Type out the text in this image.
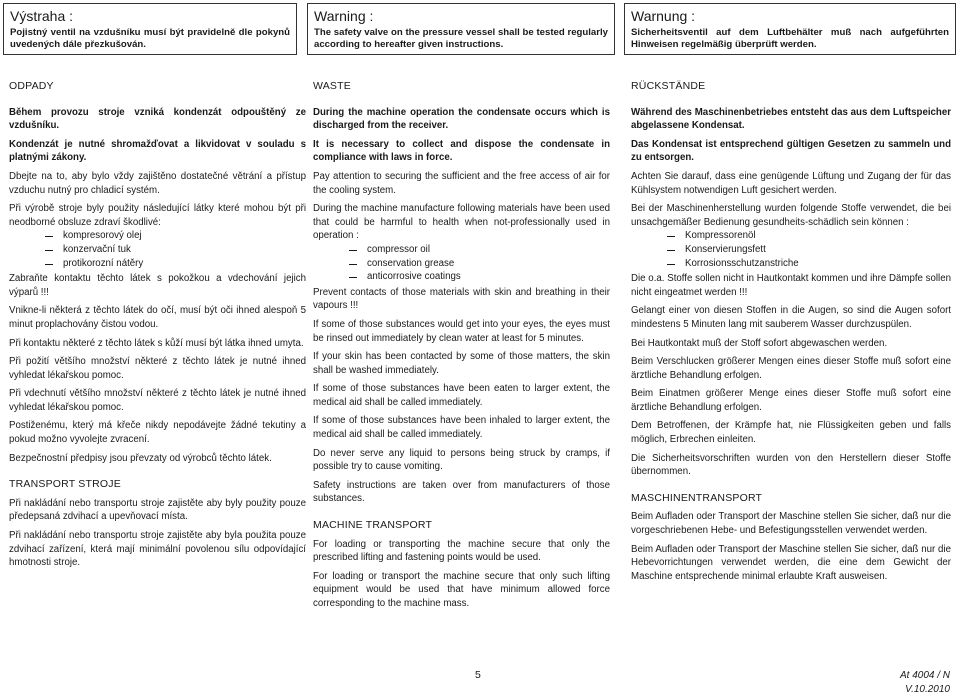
Výstraha :
Pojistný ventil na vzdušníku musí být pravidelně dle pokynů uvedených dále přezkušován.
Warning :
The safety valve on the pressure vessel shall be tested regularly according to hereafter given instructions.
Warnung :
Sicherheitsventil auf dem Luftbehälter muß nach aufgeführten Hinweisen regelmäßig überprüft werden.
ODPADY

Během provozu stroje vzniká kondenzát odpouštěný ze vzdušníku.

Kondenzát je nutné shromažďovat a likvidovat v souladu s platnými zákony.

Dbejte na to, aby bylo vždy zajištěno dostatečné větrání a přístup vzduchu nutný pro chladicí systém.

Při výrobě stroje byly použity následující látky které mohou být při neodborné obsluze zdraví škodlivé:

kompresorový olej
konzervační tuk
protikorozní nátěry

Zabraňte kontaktu těchto látek s pokožkou a vdechování jejich výparů !!!

Vnikne-li některá z těchto látek do očí, musí být oči ihned alespoň 5 minut proplachovány čistou vodou.

Při kontaktu některé z těchto látek s kůží musí být látka ihned umyta.

Při požití většího množství některé z těchto látek je nutné ihned vyhledat lékařskou pomoc.

Při vdechnutí většího množství některé z těchto látek je nutné ihned vyhledat lékařskou pomoc.

Postiženému, který má křeče nikdy nepodávejte žádné tekutiny a pokud možno vyvolejte zvracení.

Bezpečnostní předpisy jsou převzaty od výrobců těchto látek.

TRANSPORT STROJE

Při nakládání nebo transportu stroje zajistěte aby byly použity pouze předepsaná zdvihací a upevňovací místa.

Při nakládání nebo transportu stroje zajistěte aby byla použita pouze zdvihací zařízení, která mají minimální povolenou sílu odpovídající hmotnosti stroje.

WASTE

During the machine operation the condensate occurs which is discharged from the receiver.

It is necessary to collect and dispose the condensate in compliance with laws in force.

Pay attention to securing the sufficient and the free access of air for the cooling system.

During the machine manufacture following materials have been used that could be harmful to health when not-professionally used in operation :

compressor oil
conservation grease
anticorrosive coatings

Prevent contacts of those materials with skin and breathing in their vapours !!!

If some of those substances would get into your eyes, the eyes must be rinsed out immediately by clean water at least for 5 minutes.

If your skin has been contacted by some of those matters, the skin shall be washed immediately.

If some of those substances have been eaten to larger extent, the medical aid shall be called immediately.

If some of those substances have been inhaled to larger extent, the medical aid shall be called immediately.

Do never serve any liquid to persons being struck by cramps, if possible try to cause vomiting.

Safety instructions are taken over from manufacturers of those substances.

MACHINE TRANSPORT

For loading or transporting the machine secure that only the prescribed lifting and fastening points would be used.

For loading or transport the machine secure that only such lifting equipment would be used that have minimum allowed force corresponding to the machine mass.

RÜCKSTÄNDE

Während des Maschinenbetriebes entsteht das aus dem Luftspeicher abgelassene Kondensat.

Das Kondensat ist entsprechend gültigen Gesetzen zu sammeln und zu entsorgen.

Achten Sie darauf, dass eine genügende Lüftung und Zugang der für das Kühlsystem notwendigen Luft gesichert werden.

Bei der Maschinenherstellung wurden folgende Stoffe verwendet, die bei unsachgemäßer Bedienung gesundheits-schädlich sein können :

Kompressorenöl
Konservierungsfett
Korrosionsschutzanstriche

Die o.a. Stoffe sollen nicht in Hautkontakt kommen und ihre Dämpfe sollen nicht eingeatmet werden !!!

Gelangt einer von diesen Stoffen in die Augen, so sind die Augen sofort mindestens 5 Minuten lang mit sauberem Wasser durchzuspülen.

Bei Hautkontakt muß der Stoff sofort abgewaschen werden.

Beim Verschlucken größerer Mengen eines dieser Stoffe muß sofort eine ärztliche Behandlung erfolgen.

Beim Einatmen größerer Menge eines dieser Stoffe muß sofort eine ärztliche Behandlung erfolgen.

Dem Betroffenen, der Krämpfe hat, nie Flüssigkeiten geben und falls möglich, Erbrechen einleiten.

Die Sicherheitsvorschriften wurden von den Herstellern dieser Stoffe übernommen.

MASCHINENTRANSPORT

Beim Aufladen oder Transport der Maschine stellen Sie sicher, daß nur die vorgeschriebenen Hebe- und Befestigungsstellen verwendet werden.

Beim Aufladen oder Transport der Maschine stellen Sie sicher, daß nur die Hebevorrichtungen verwendet werden, die eine dem Gewicht der Maschine entsprechende minimal erlaubte Kraft ausweisen.

5	At 4004 / N
V.10.2010
